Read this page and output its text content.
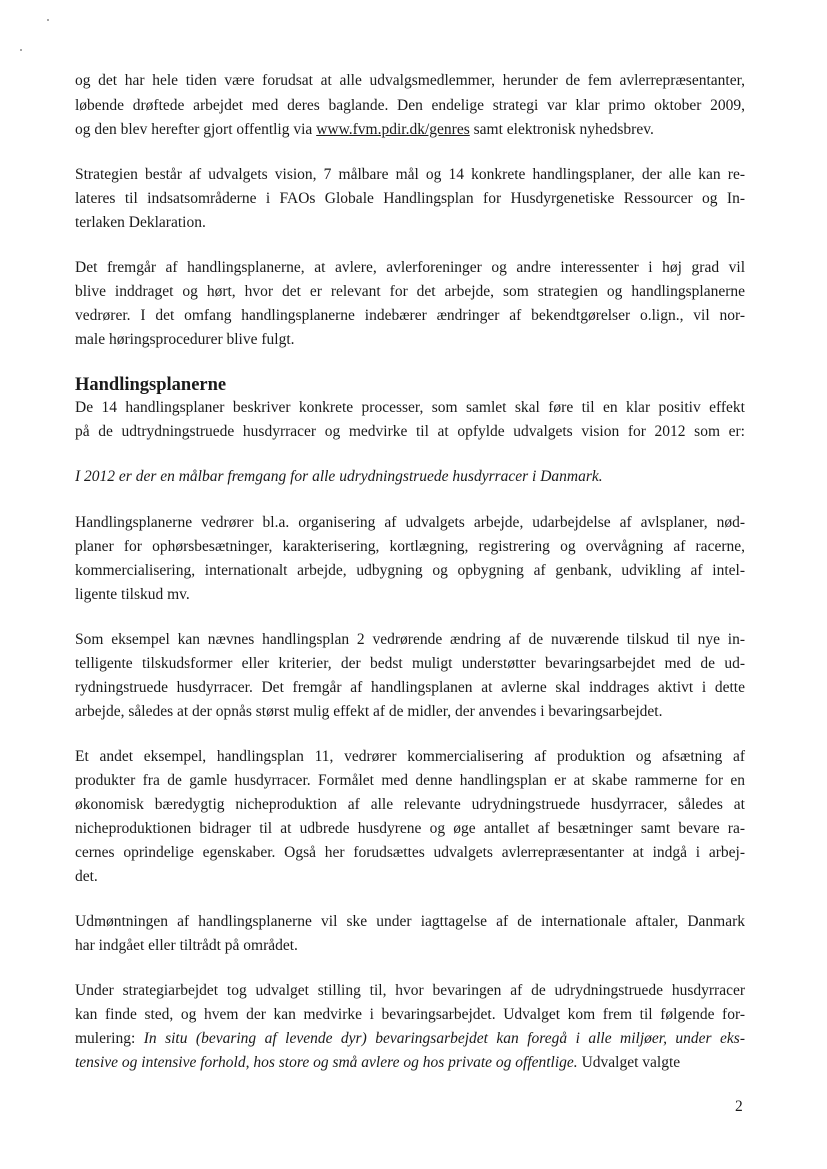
og det har hele tiden være forudsat at alle udvalgsmedlemmer, herunder de fem avlerrepræsentanter,
løbende drøftede arbejdet med deres baglande. Den endelige strategi var klar primo oktober 2009,
og den blev herefter gjort offentlig via www.fvm.pdir.dk/genres samt elektronisk nyhedsbrev.
Strategien består af udvalgets vision, 7 målbare mål og 14 konkrete handlingsplaner, der alle kan re-
lateres til indsatsområderne i FAOs Globale Handlingsplan for Husdyrgenetiske Ressourcer og In-
terlaken Deklaration.
Det fremgår af handlingsplanerne, at avlere, avlerforeninger og andre interessenter i høj grad vil
blive inddraget og hørt, hvor det er relevant for det arbejde, som strategien og handlingsplanerne
vedrører. I det omfang handlingsplanerne indebærer ændringer af bekendtgørelser o.lign., vil nor-
male høringsprocedurer blive fulgt.
Handlingsplanerne
De 14 handlingsplaner beskriver konkrete processer, som samlet skal føre til en klar positiv effekt
på de udtrydningstruede husdyrracer og medvirke til at opfylde udvalgets vision for 2012 som er:
I 2012 er der en målbar fremgang for alle udrydningstruede husdyrracer i Danmark.
Handlingsplanerne vedrører bl.a. organisering af udvalgets arbejde, udarbejdelse af avlsplaner, nød-
planer for ophørsbesætninger, karakterisering, kortlægning, registrering og overvågning af racerne,
kommercialisering, internationalt arbejde, udbygning og opbygning af genbank, udvikling af intel-
ligente tilskud mv.
Som eksempel kan nævnes handlingsplan 2 vedrørende ændring af de nuværende tilskud til nye in-
telligente tilskudsformer eller kriterier, der bedst muligt understøtter bevaringsarbejdet med de ud-
rydningstruede husdyrracer. Det fremgår af handlingsplanen at avlerne skal inddrages aktivt i dette
arbejde, således at der opnås størst mulig effekt af de midler, der anvendes i bevaringsarbejdet.
Et andet eksempel, handlingsplan 11, vedrører kommercialisering af produktion og afsætning af
produkter fra de gamle husdyrracer. Formålet med denne handlingsplan er at skabe rammerne for en
økonomisk bæredygtig nicheproduktion af alle relevante udrydningstruede husdyrracer, således at
nicheproduktionen bidrager til at udbrede husdyrene og øge antallet af besætninger samt bevare ra-
cernes oprindelige egenskaber. Også her forudsættes udvalgets avlerrepræsentanter at indgå i arbej-
det.
Udmøntningen af handlingsplanerne vil ske under iagttagelse af de internationale aftaler, Danmark
har indgået eller tiltrådt på området.
Under strategiarbejdet tog udvalget stilling til, hvor bevaringen af de udrydningstruede husdyrracer
kan finde sted, og hvem der kan medvirke i bevaringsarbejdet. Udvalget kom frem til følgende for-
mulering: In situ (bevaring af levende dyr) bevaringsarbejdet kan foregå i alle miljøer, under eks-
tensive og intensive forhold, hos store og små avlere og hos private og offentlige. Udvalget valgte
2
